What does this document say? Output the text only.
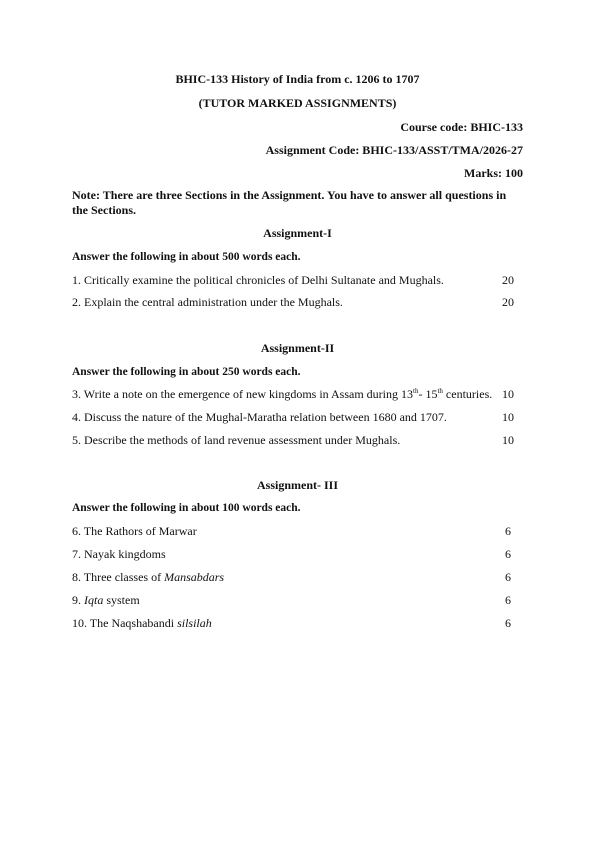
BHIC-133 History of India from c. 1206 to 1707
(TUTOR MARKED ASSIGNMENTS)
Course code: BHIC-133
Assignment Code: BHIC-133/ASST/TMA/2026-27
Marks: 100
Note: There are three Sections in the Assignment. You have to answer all questions in the Sections.
Assignment-I
Answer the following in about 500 words each.
1. Critically examine the political chronicles of Delhi Sultanate and Mughals.	20
2. Explain the central administration under the Mughals.	20
Assignment-II
Answer the following in about 250 words each.
3. Write a note on the emergence of new kingdoms in Assam during 13th- 15th centuries. 10
4. Discuss the nature of the Mughal-Maratha relation between 1680 and 1707.	10
5. Describe the methods of land revenue assessment under Mughals.	10
Assignment- III
Answer the following in about 100 words each.
6. The Rathors of Marwar	6
7. Nayak kingdoms	6
8. Three classes of Mansabdars	6
9. Iqta system	6
10. The Naqshabandi silsilah	6
